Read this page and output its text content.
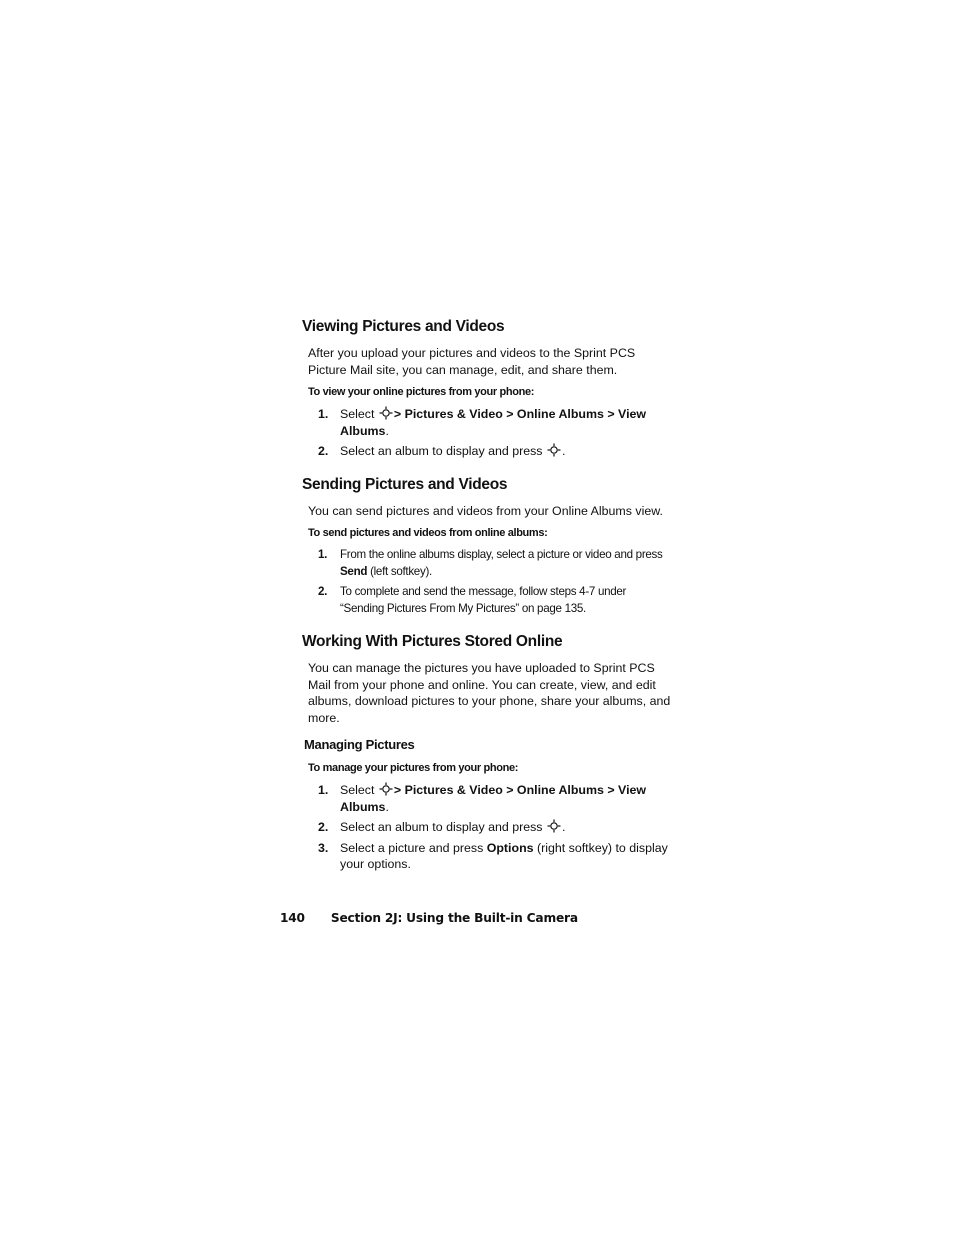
Viewing Pictures and Videos

After you upload your pictures and videos to the Sprint PCS Picture Mail site, you can manage, edit, and share them.

To view your online pictures from your phone:

1. Select > Pictures & Video > Online Albums > View Albums.
2. Select an album to display and press .
Sending Pictures and Videos

You can send pictures and videos from your Online Albums view.

To send pictures and videos from online albums:

1. From the online albums display, select a picture or video and press Send (left softkey).
2. To complete and send the message, follow steps 4-7 under “Sending Pictures From My Pictures” on page 135.
Working With Pictures Stored Online

You can manage the pictures you have uploaded to Sprint PCS Mail from your phone and online. You can create, view, and edit albums, download pictures to your phone, share your albums, and more.

Managing Pictures

To manage your pictures from your phone:

1. Select > Pictures & Video > Online Albums > View Albums.
2. Select an album to display and press .
3. Select a picture and press Options (right softkey) to display your options.
140 Section 2J: Using the Built-in Camera
